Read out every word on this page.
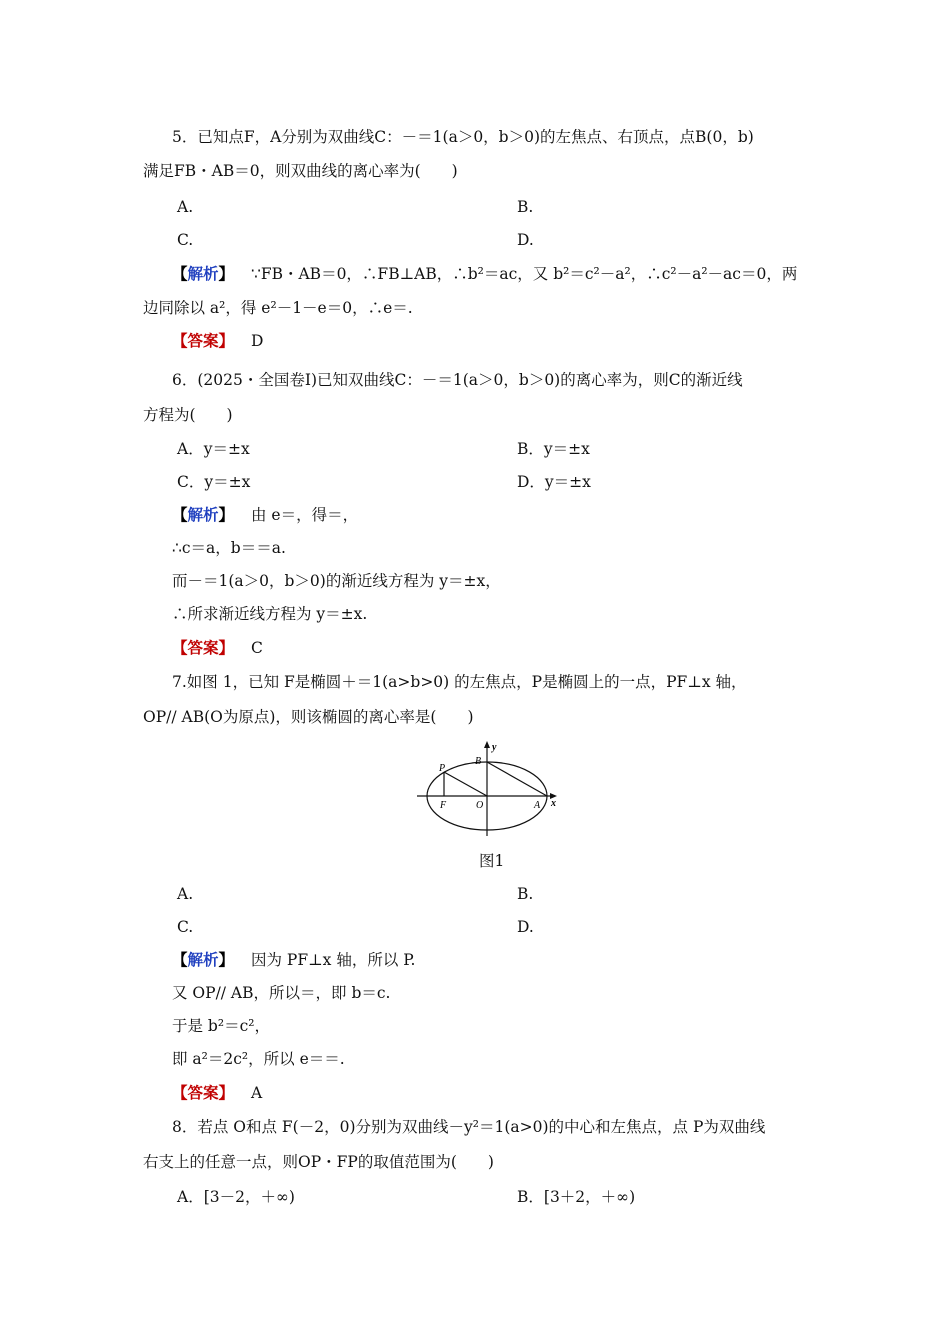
5．已知点F，A分别为双曲线C：－＝1(a＞0，b＞0)的左焦点、右顶点，点B(0，b)
满足FB・AB＝0，则双曲线的离心率为(　　)
A.	B.
C.	D.
【解析】 ∵FB・AB＝0，∴FB⊥AB，∴b²＝ac，又 b²＝c²－a²，∴c²－a²－ac＝0，两
边同除以 a²，得 e²－1－e＝0，∴e＝.
【答案】 D
6．(2025・全国卷Ⅰ)已知双曲线C：－＝1(a＞0，b＞0)的离心率为，则C的渐近线
方程为(　　)
A．y＝±x	B．y＝±x
C．y＝±x	D．y＝±x
【解析】 由 e＝，得＝，
∴c＝a，b＝＝a.
而－＝1(a＞0，b＞0)的渐近线方程为 y＝±x，
∴所求渐近线方程为 y＝±x.
【答案】 C
7.如图 1，已知 F是椭圆＋＝1(a>b>0) 的左焦点，P是椭圆上的一点，PF⊥x 轴，
OP// AB(O为原点)，则该椭圆的离心率是(　　)
y
B
P
F	O	A x
图1
A.	B.
C.	D.
【解析】 因为 PF⊥x 轴，所以 P.
又 OP// AB，所以＝，即 b＝c.
于是 b²＝c²，
即 a²＝2c²，所以 e＝＝.
【答案】 A
8．若点 O和点 F(－2，0)分别为双曲线－y²＝1(a>0)的中心和左焦点，点 P为双曲线
右支上的任意一点，则OP・FP的取值范围为(　　)
A．[3－2，＋∞)	B．[3＋2，＋∞)
